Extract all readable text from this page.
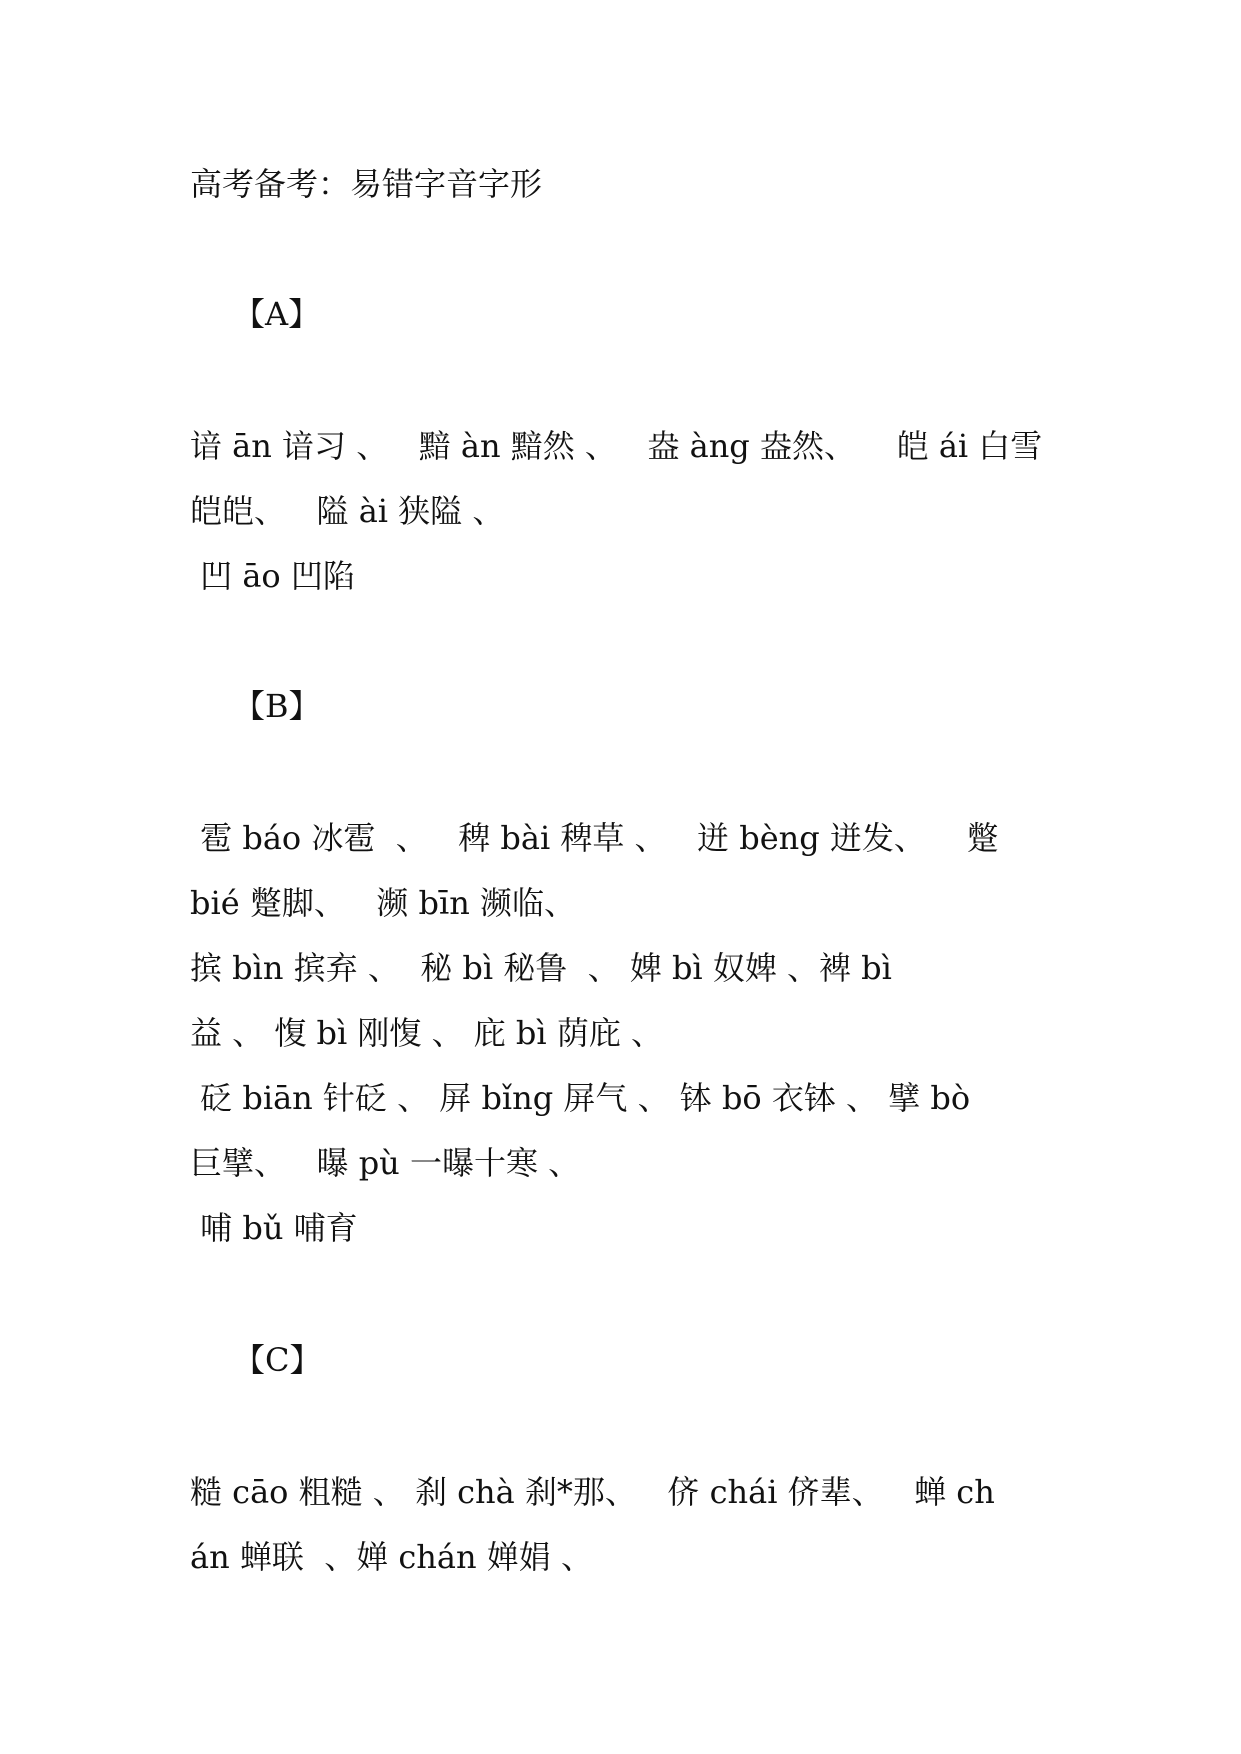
高考备考：易错字音字形
【A】
谙 ān 谙习 、   黯 àn 黯然 、   盎 àng 盎然、    皑 ái 白雪
皑皑、   隘 ài 狭隘 、
凹 āo 凹陷
【B】
雹 báo 冰雹  、   稗 bài 稗草 、   迸 bèng 迸发、    蹩
bié 蹩脚、   濒 bīn 濒临、
摈 bìn 摈弃 、  秘 bì 秘鲁  、 婢 bì 奴婢 、裨 bì
益 、 愎 bì 刚愎 、 庇 bì 荫庇 、
砭 biān 针砭 、 屏 bǐng 屏气 、 钵 bō 衣钵 、 擘 bò
巨擘、   曝 pù 一曝十寒 、
哺 bǔ 哺育
【C】
糙 cāo 粗糙 、 刹 chà 刹*那、   侪 chái 侪辈、   蝉 ch
án 蝉联  、婵 chán 婵娟 、
